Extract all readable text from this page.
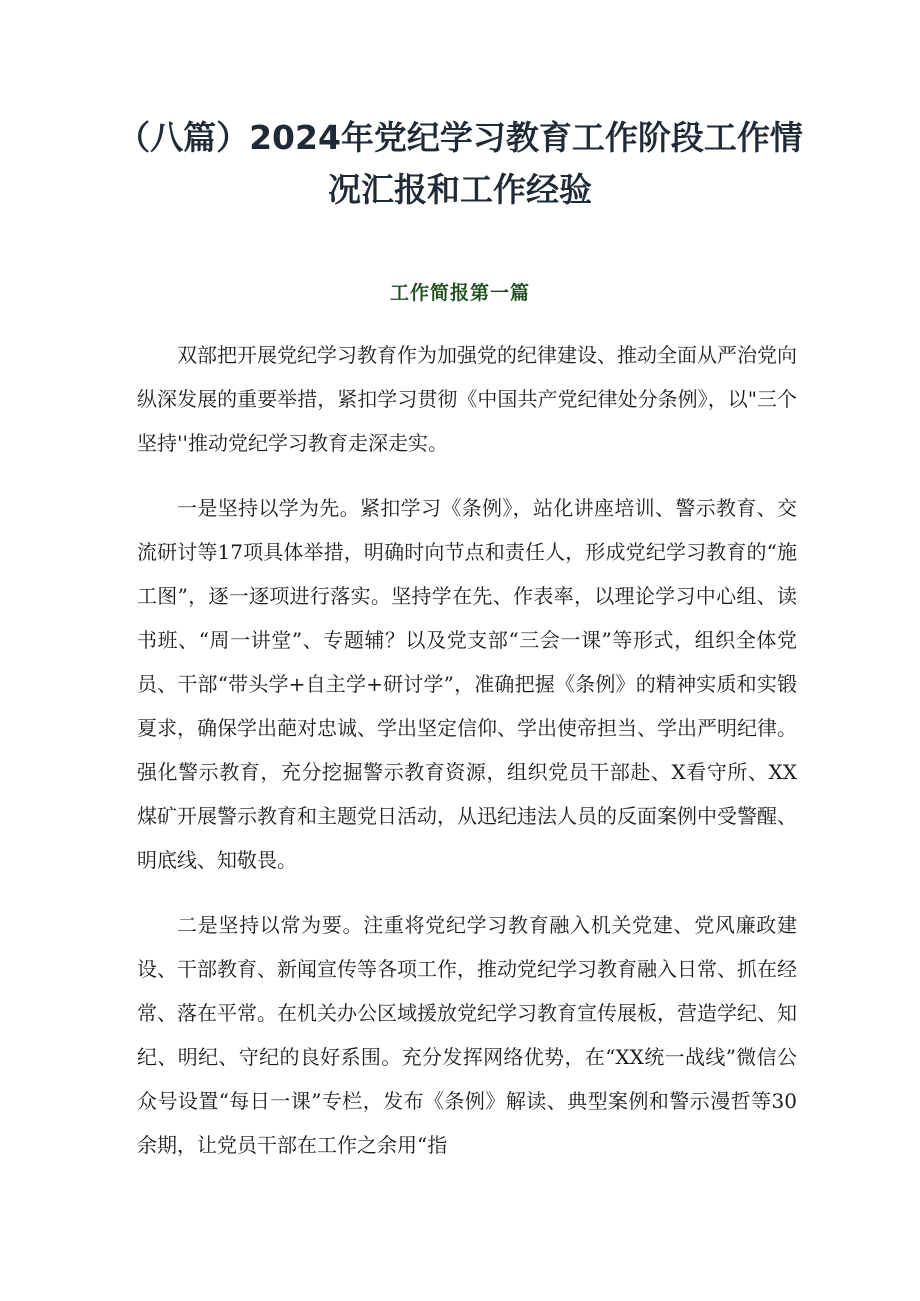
（八篇）2024年党纪学习教育工作阶段工作情况汇报和工作经验
工作简报第一篇

双部把开展党纪学习教育作为加强党的纪律建设、推动全面从严治党向纵深发展的重要举措，紧扣学习贯彻《中国共产党纪律处分条例》，以"三个坚持''推动党纪学习教育走深走实。

一是坚持以学为先。紧扣学习《条例》，站化讲座培训、警示教育、交流研讨等17项具体举措，明确时向节点和责任人，形成党纪学习教育的“施工图”，逐一逐项进行落实。坚持学在先、作表率，以理论学习中心组、读书班、“周一讲堂”、专题辅？以及党支部“三会一课”等形式，组织全体党员、干部“带头学+自主学+研讨学”，准确把握《条例》的精神实质和实锻夏求，确保学出葩对忠诚、学出坚定信仰、学出使帝担当、学出严明纪律。强化警示教育，充分挖掘警示教育资源，组织党员干部赴、X看守所、XX煤矿开展警示教育和主题党日活动，从迅纪违法人员的反面案例中受警醒、明底线、知敬畏。

二是坚持以常为要。注重将党纪学习教育融入机关党建、党风廉政建设、干部教育、新闻宣传等各项工作，推动党纪学习教育融入日常、抓在经常、落在平常。在机关办公区域援放党纪学习教育宣传展板，营造学纪、知纪、明纪、守纪的良好系围。充分发挥网络优势，在“XX统一战线”微信公众号设置“每日一课”专栏，发布《条例》解读、典型案例和警示漫哲等30余期，让党员干部在工作之余用“指
